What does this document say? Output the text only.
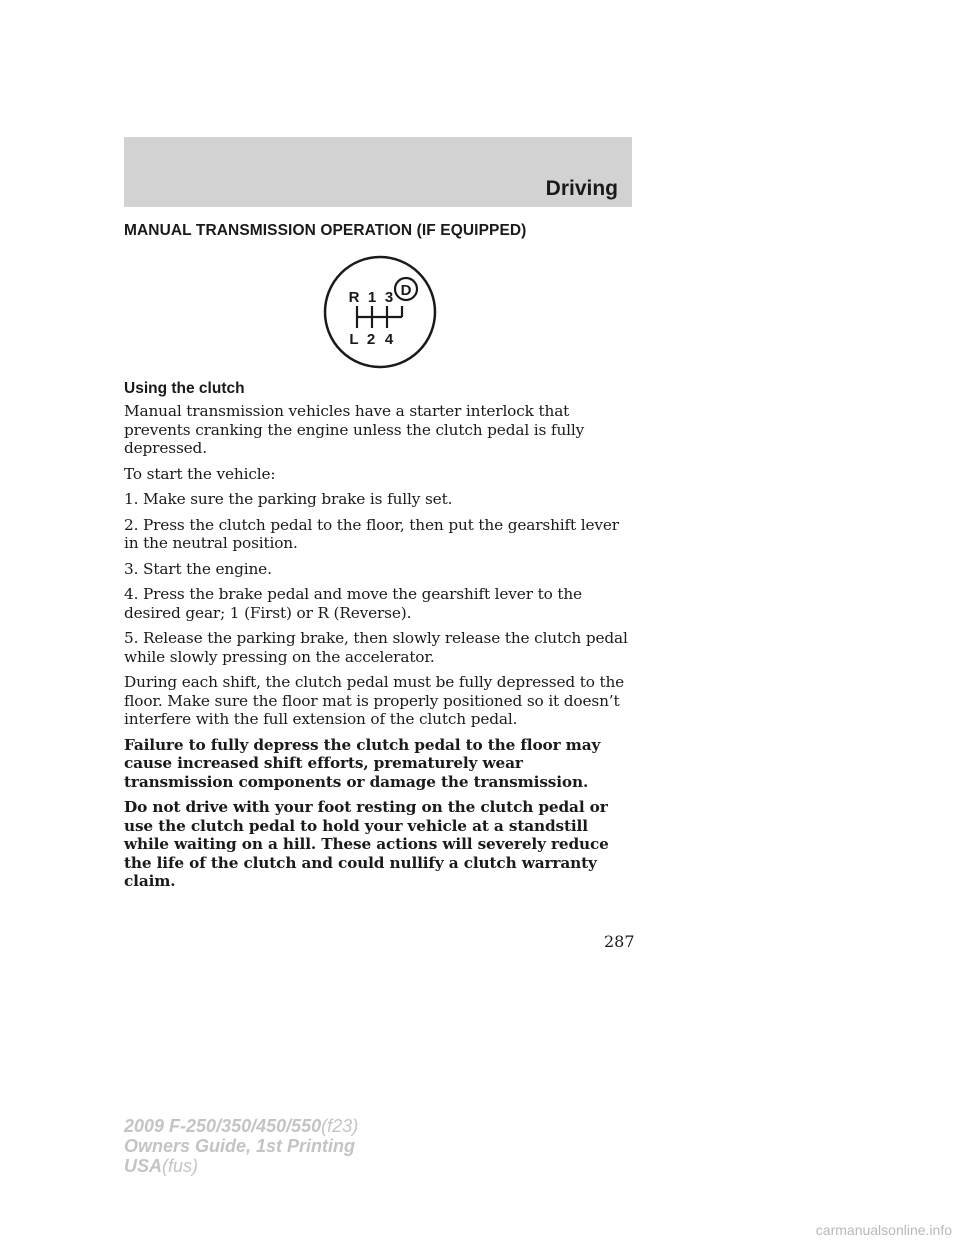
Driving
MANUAL TRANSMISSION OPERATION (IF EQUIPPED)
R 1 3 D
L 2 4
Using the clutch

Manual transmission vehicles have a starter interlock that prevents cranking the engine unless the clutch pedal is fully depressed.

To start the vehicle:

1. Make sure the parking brake is fully set.

2. Press the clutch pedal to the floor, then put the gearshift lever in the neutral position.

3. Start the engine.

4. Press the brake pedal and move the gearshift lever to the desired gear; 1 (First) or R (Reverse).

5. Release the parking brake, then slowly release the clutch pedal while slowly pressing on the accelerator.

During each shift, the clutch pedal must be fully depressed to the floor. Make sure the floor mat is properly positioned so it doesn’t interfere with the full extension of the clutch pedal.

Failure to fully depress the clutch pedal to the floor may cause increased shift efforts, prematurely wear transmission components or damage the transmission.

Do not drive with your foot resting on the clutch pedal or use the clutch pedal to hold your vehicle at a standstill while waiting on a hill. These actions will severely reduce the life of the clutch and could nullify a clutch warranty claim.

287
2009 F-250/350/450/550(f23)
Owners Guide, 1st Printing
USA(fus)
carmanualsonline.info
